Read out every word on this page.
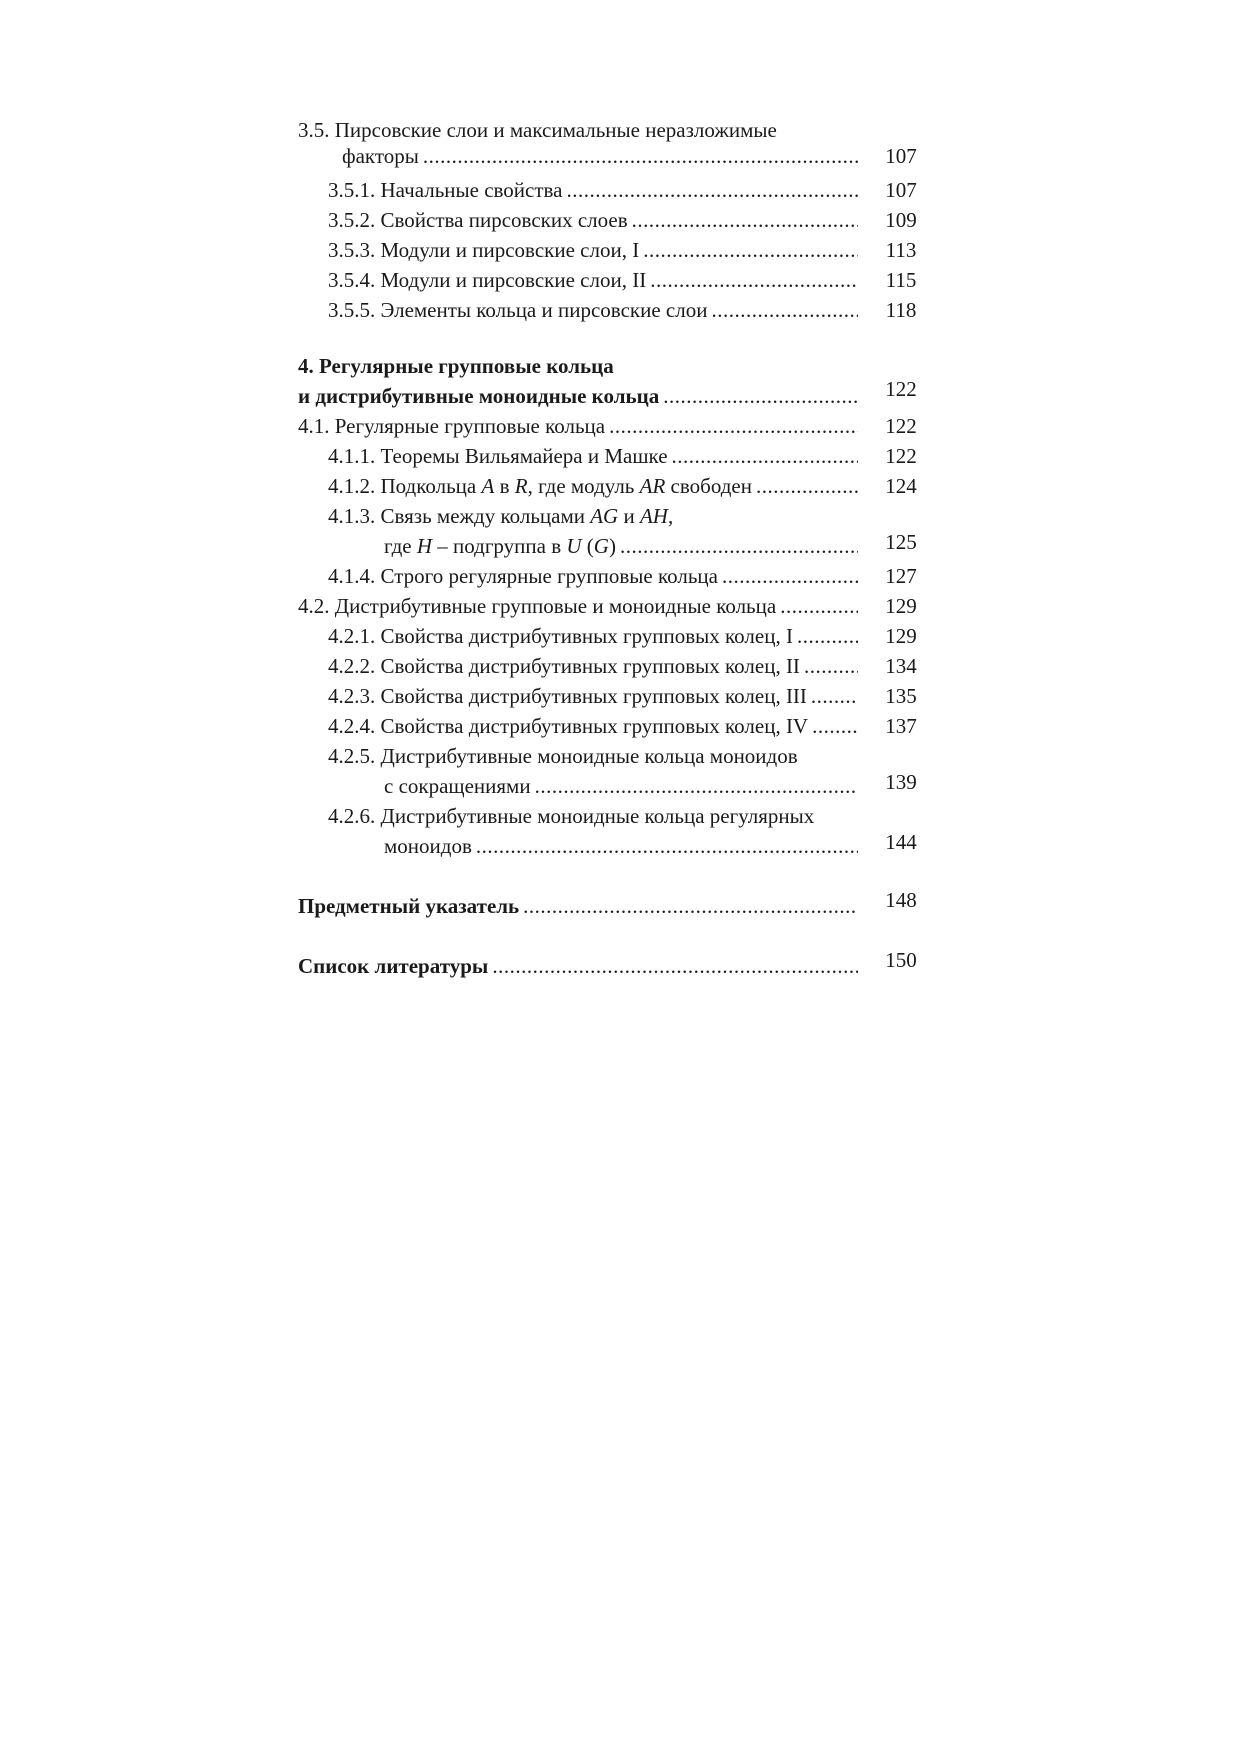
3.5. Пирсовские слои и максимальные неразложимые
факторы .....	107
3.5.1. Начальные свойства .....	107
3.5.2. Свойства пирсовских слоев .....	109
3.5.3. Модули и пирсовские слои, I .....	113
3.5.4. Модули и пирсовские слои, II .....	115
3.5.5. Элементы кольца и пирсовские слои .....	118
4. Регулярные групповые кольца
и дистрибутивные моноидные кольца .....	122
4.1. Регулярные групповые кольца .....	122
4.1.1. Теоремы Вильямайера и Машке .....	122
4.1.2. Подкольца A в R, где модуль AR свободен .....	124
4.1.3. Связь между кольцами AG и AH,
где H – подгруппа в U (G) .....	125
4.1.4. Строго регулярные групповые кольца .....	127
4.2. Дистрибутивные групповые и моноидные кольца .....	129
4.2.1. Свойства дистрибутивных групповых колец, I .....	129
4.2.2. Свойства дистрибутивных групповых колец, II .....	134
4.2.3. Свойства дистрибутивных групповых колец, III .....	135
4.2.4. Свойства дистрибутивных групповых колец, IV .....	137
4.2.5. Дистрибутивные моноидные кольца моноидов
с сокращениями .....	139
4.2.6. Дистрибутивные моноидные кольца регулярных
моноидов .....	144
Предметный указатель .....	148
Список литературы .....	150
